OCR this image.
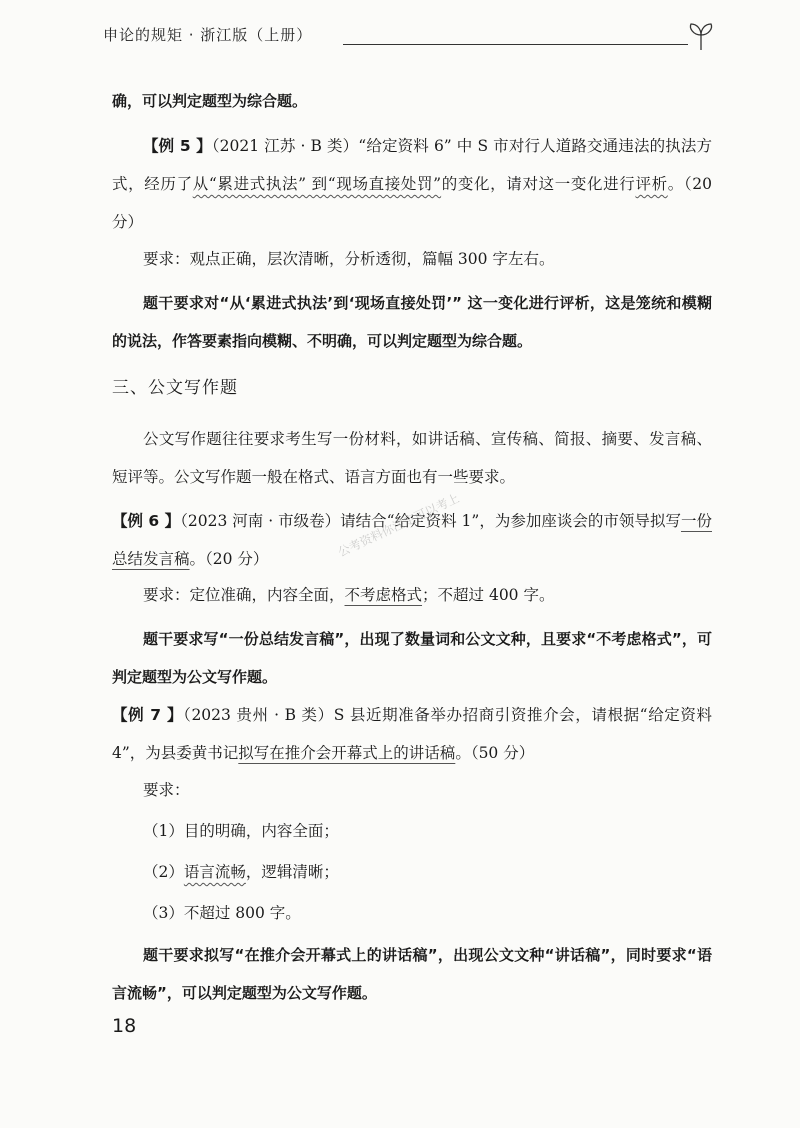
申论的规矩 · 浙江版（上册）

确，可以判定题型为综合题。

【例 5 】（2021 江苏 · B 类）“给定资料 6” 中 S 市对行人道路交通违法的执法方式，经历了从“累进式执法” 到“现场直接处罚”的变化，请对这一变化进行评析。（20 分）

要求：观点正确，层次清晰，分析透彻，篇幅 300 字左右。

题干要求对“从‘累进式执法’到‘现场直接处罚’” 这一变化进行评析，这是笼统和模糊的说法，作答要素指向模糊、不明确，可以判定题型为综合题。

三、公文写作题

公文写作题往往要求考生写一份材料，如讲话稿、宣传稿、简报、摘要、发言稿、短评等。公文写作题一般在格式、语言方面也有一些要求。

【例 6 】（2023 河南 · 市级卷）请结合“给定资料 1”，为参加座谈会的市领导拟写一份总结发言稿。（20 分）

要求：定位准确，内容全面，不考虑格式；不超过 400 字。

题干要求写“一份总结发言稿”，出现了数量词和公文文种，且要求“不考虑格式”，可判定题型为公文写作题。

【例 7 】（2023 贵州 · B 类）S 县近期准备举办招商引资推介会，请根据“给定资料 4”，为县委黄书记拟写在推介会开幕式上的讲话稿。（50 分）

要求：

（1）目的明确，内容全面；

（2）语言流畅，逻辑清晰；

（3）不超过 800 字。

题干要求拟写“在推介会开幕式上的讲话稿”，出现公文文种“讲话稿”，同时要求“语言流畅”，可以判定题型为公文写作题。

公考资料你注定可以考上
18
